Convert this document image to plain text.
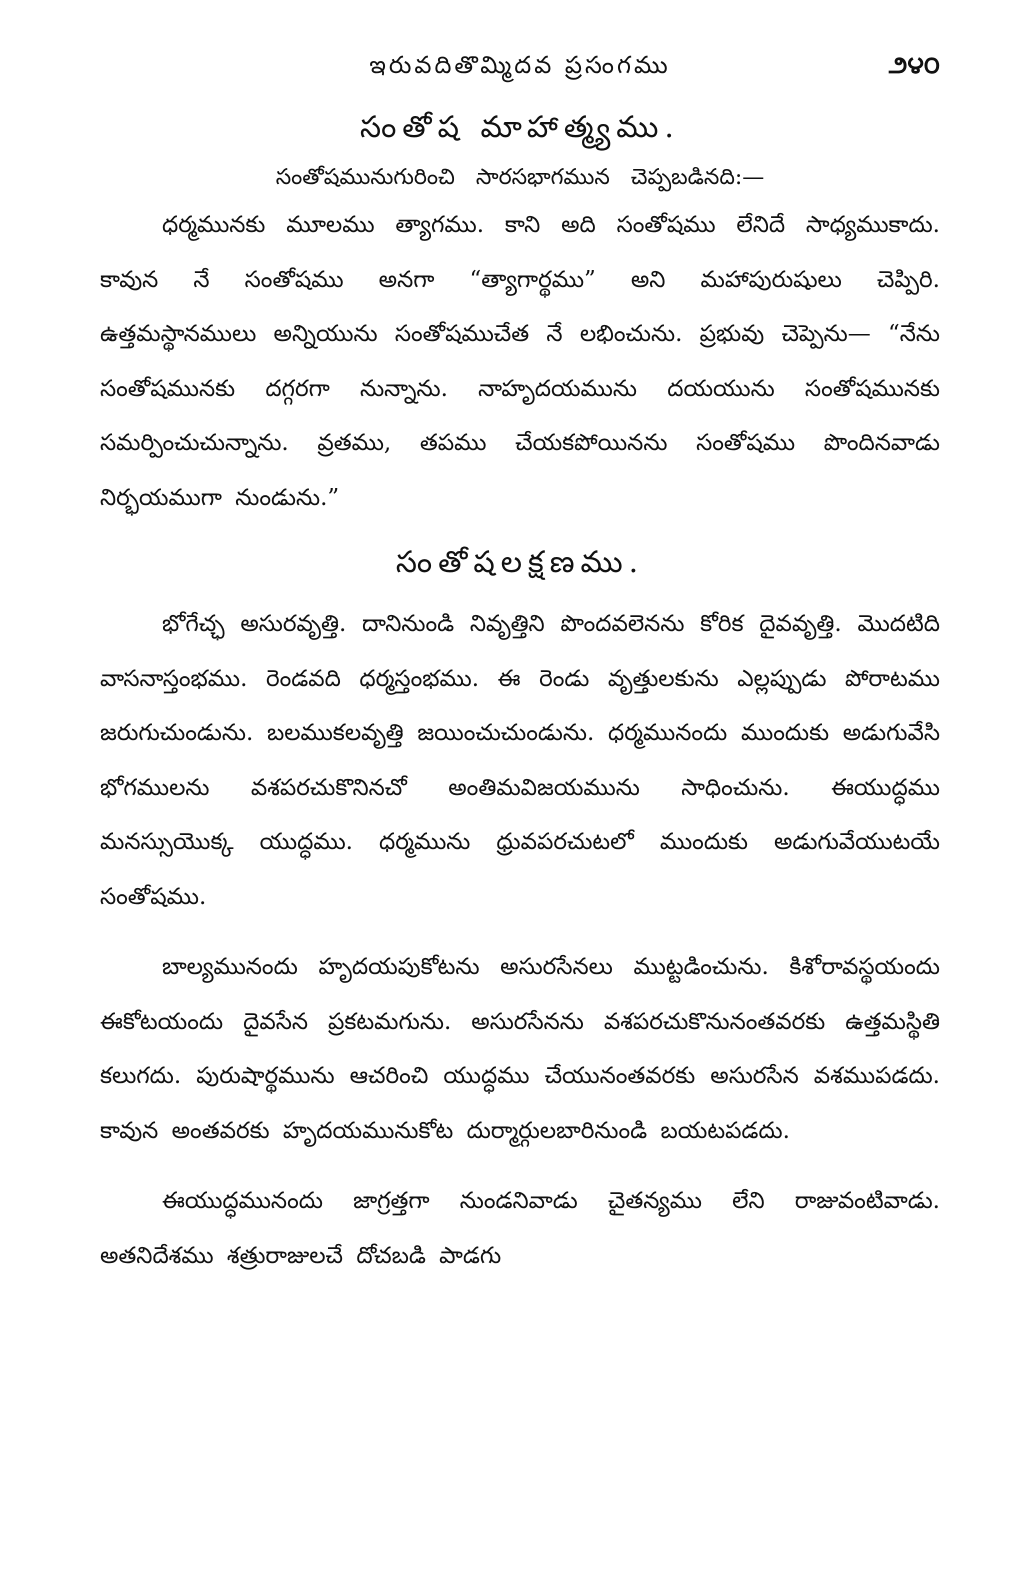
ఇరువదితొమ్మిదవ ప్రసంగము	౨౪౦
సంతోష మాహాత్మ్యము.

సంతోషమునుగురించి సారసభాగమున చెప్పబడినది:—

ధర్మమునకు మూలము త్యాగము. కాని అది సంతోషము లేనిదే సాధ్యముకాదు. కావున నే సంతోషము అనగా “త్యాగార్థము” అని మహాపురుషులు చెప్పిరి. ఉత్తమస్థానములు అన్నియును సంతోషముచేత నే లభించును. ప్రభువు చెప్పెను— “నేను సంతోషమునకు దగ్గరగా నున్నాను. నాహృదయమును దయయును సంతోషమునకు సమర్పించుచున్నాను. వ్రతము, తపము చేయకపోయినను సంతోషము పొందినవాడు నిర్భయముగా నుండును.”

సంతోషలక్షణము.

భోగేచ్ఛ అసురవృత్తి. దానినుండి నివృత్తిని పొందవలెనను కోరిక దైవవృత్తి. మొదటిది వాసనాస్తంభము. రెండవది ధర్మస్తంభము. ఈ రెండు వృత్తులకును ఎల్లప్పుడు పోరాటము జరుగుచుండును. బలముకలవృత్తి జయించుచుండును. ధర్మమునందు ముందుకు అడుగువేసి భోగములను వశపరచుకొనినచో అంతిమవిజయమును సాధించును. ఈయుద్ధము మనస్సుయొక్క యుద్ధము. ధర్మమును ధ్రువపరచుటలో ముందుకు అడుగువేయుటయే సంతోషము.

బాల్యమునందు హృదయపుకోటను అసురసేనలు ముట్టడించును. కిశోరావస్థయందు ఈకోటయందు దైవసేన ప్రకటమగును. అసురసేనను వశపరచుకొనునంతవరకు ఉత్తమస్థితి కలుగదు. పురుషార్థమును ఆచరించి యుద్ధము చేయునంతవరకు అసురసేన వశముపడదు. కావున అంతవరకు హృదయమునుకోట దుర్మార్గులబారినుండి బయటపడదు.

ఈయుద్ధమునందు జాగ్రత్తగా నుండనివాడు చైతన్యము లేని రాజువంటివాడు. అతనిదేశము శత్రురాజులచే దోచబడి పాడగు
